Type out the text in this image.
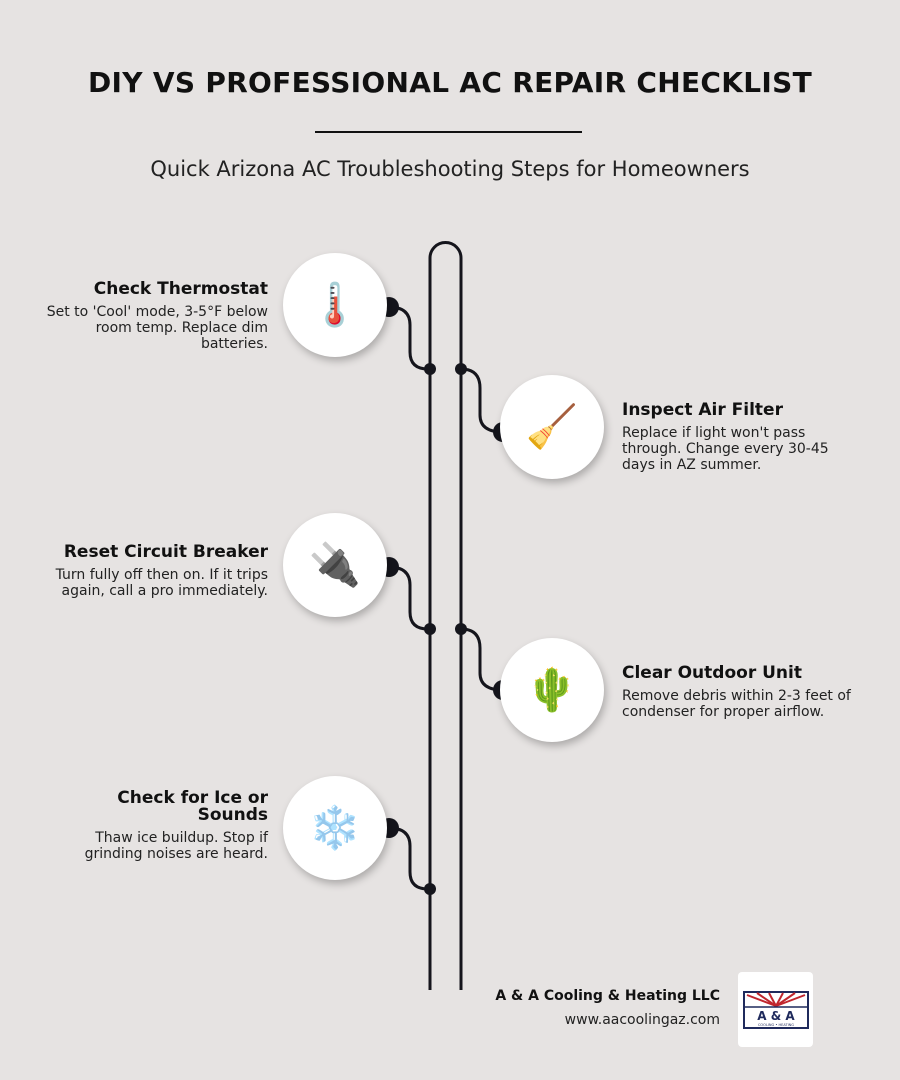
DIY VS PROFESSIONAL AC REPAIR CHECKLIST
Quick Arizona AC Troubleshooting Steps for Homeowners
🌡️
Check Thermostat

Set to 'Cool' mode, 3-5°F below room temp. Replace dim batteries.

🧹	Inspect Air Filter

Replace if light won't pass through. Change every 30-45 days in AZ summer.

🔌
Reset Circuit Breaker

Turn fully off then on. If it trips again, call a pro immediately.

🌵	Clear Outdoor Unit

Remove debris within 2-3 feet of condenser for proper airflow.

❄️
Check for Ice or Sounds

Thaw ice buildup. Stop if grinding noises are heard.

A & A Cooling & Heating LLC
www.aacoolingaz.com	A & A
COOLING • HEATING
